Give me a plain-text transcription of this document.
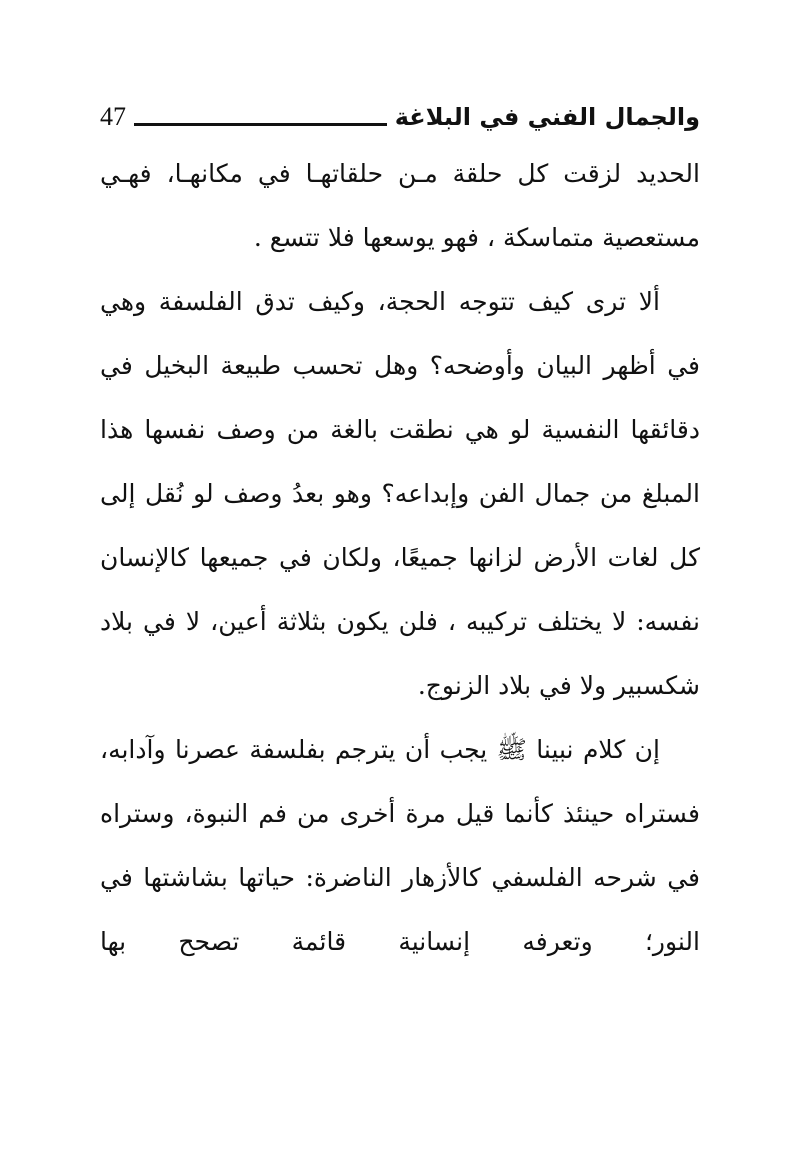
والجمال الفني في البلاغة
47

الحديد لزقت كل حلقة مـن حلقاتهـا في مكانهـا، فهـي مستعصية متماسكة ، فهو يوسعها فلا تتسع .

ألا ترى كيف تتوجه الحجة، وكيف تدق الفلسفة وهي في أظهر البيان وأوضحه؟ وهل تحسب طبيعة البخيل في دقائقها النفسية لو هي نطقت بالغة من وصف نفسها هذا المبلغ من جمال الفن وإبداعه؟ وهو بعدُ وصف لو نُقل إلى كل لغات الأرض لزانها جميعًا، ولكان في جميعها كالإنسان نفسه: لا يختلف تركيبه ، فلن يكون بثلاثة أعين، لا في بلاد شكسبير ولا في بلاد الزنوج.

إن كلام نبينا ﷺ يجب أن يترجم بفلسفة عصرنا وآدابه، فستراه حينئذ كأنما قيل مرة أخرى من فم النبوة، وستراه في شرحه الفلسفي كالأزهار الناضرة: حياتها بشاشتها في النور؛ وتعرفه إنسانية قائمة تصحح بها
